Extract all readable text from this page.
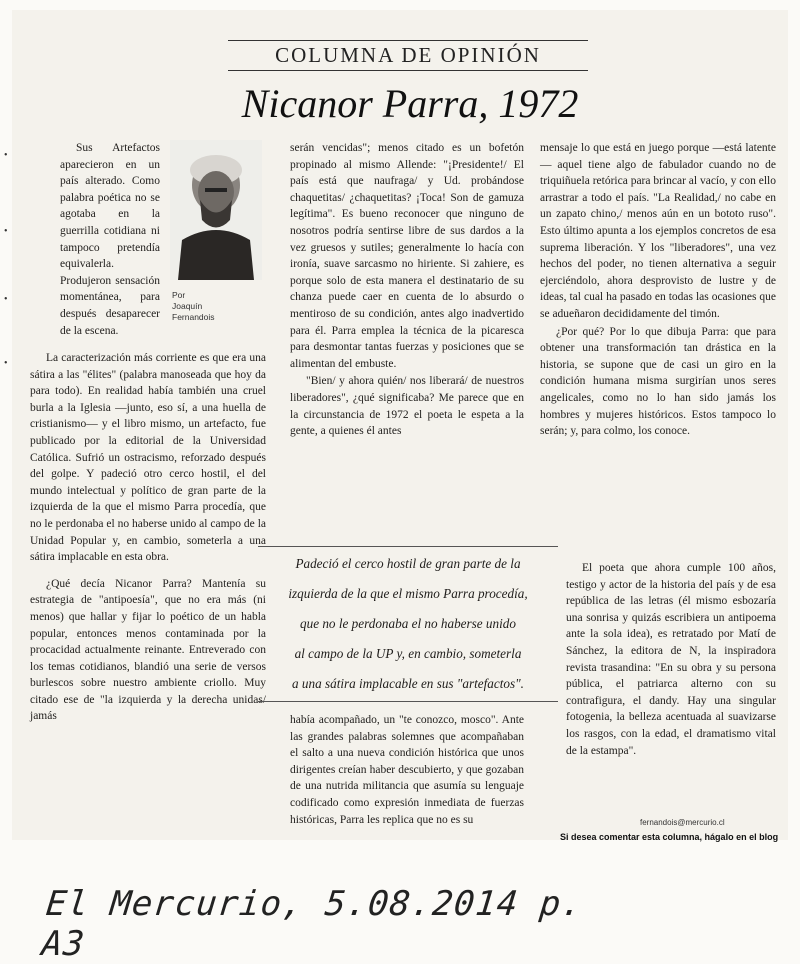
COLUMNA DE OPINIÓN
Nicanor Parra, 1972

Sus Artefactos aparecieron en un país alterado. Como palabra poética no se agotaba en la guerrilla cotidiana ni tampoco pretendía equivalerla. Produjeron sensación momentánea, para después desaparecer de la escena.

Por
Joaquín
Fernandois

La caracterización más corriente es que era una sátira a las "élites" (palabra manoseada que hoy da para todo). En realidad había también una cruel burla a la Iglesia —junto, eso sí, a una huella de cristianismo— y el libro mismo, un artefacto, fue publicado por la editorial de la Universidad Católica. Sufrió un ostracismo, reforzado después del golpe. Y padeció otro cerco hostil, el del mundo intelectual y político de gran parte de la izquierda de la que el mismo Parra procedía, que no le perdonaba el no haberse unido al campo de la Unidad Popular y, en cambio, someterla a una sátira implacable en esta obra.

¿Qué decía Nicanor Parra? Mantenía su estrategia de "antipoesía", que no era más (ni menos) que hallar y fijar lo poético de un habla popular, entonces menos contaminada por la procacidad actualmente reinante. Entreverado con los temas cotidianos, blandió una serie de versos burlescos sobre nuestro ambiente criollo. Muy citado ese de "la izquierda y la derecha unidas/ jamás

serán vencidas"; menos citado es un bofetón propinado al mismo Allende: "¡Presidente!/ El país está que naufraga/ y Ud. probándose chaquetitas/ ¿chaquetitas? ¡Toca! Son de gamuza legítima". Es bueno reconocer que ninguno de nosotros podría sentirse libre de sus dardos a la vez gruesos y sutiles; generalmente lo hacía con ironía, suave sarcasmo no hiriente. Si zahiere, es porque solo de esta manera el destinatario de su chanza puede caer en cuenta de lo absurdo o mentiroso de su condición, antes algo inadvertido para él. Parra emplea la técnica de la picaresca para desmontar tantas fuerzas y posiciones que se alimentan del embuste.

"Bien/ y ahora quién/ nos liberará/ de nuestros liberadores", ¿qué significaba? Me parece que en la circunstancia de 1972 el poeta le espeta a la gente, a quienes él antes

mensaje lo que está en juego porque —está latente— aquel tiene algo de fabulador cuando no de triquiñuela retórica para brincar al vacío, y con ello arrastrar a todo el país. "La Realidad,/ no cabe en un zapato chino,/ menos aún en un bototo ruso". Esto último apunta a los ejemplos concretos de esa suprema liberación. Y los "liberadores", una vez hechos del poder, no tienen alternativa a seguir ejerciéndolo, ahora desprovisto de lustre y de ideas, tal cual ha pasado en todas las ocasiones que se adueñaron decididamente del timón.

¿Por qué? Por lo que dibuja Parra: que para obtener una transformación tan drástica en la historia, se supone que de casi un giro en la condición humana misma surgirían unos seres angelicales, como no lo han sido jamás los hombres y mujeres históricos. Estos tampoco lo serán; y, para colmo, los conoce.

Padeció el cerco hostil de gran parte de la
izquierda de la que el mismo Parra procedía,
que no le perdonaba el no haberse unido
al campo de la UP y, en cambio, someterla
a una sátira implacable en sus "artefactos".

había acompañado, un "te conozco, mosco". Ante las grandes palabras solemnes que acompañaban el salto a una nueva condición histórica que unos dirigentes creían haber descubierto, y que gozaban de una nutrida militancia que asumía su lenguaje codificado como expresión inmediata de fuerzas históricas, Parra les replica que no es su

El poeta que ahora cumple 100 años, testigo y actor de la historia del país y de esa república de las letras (él mismo esbozaría una sonrisa y quizás escribiera un antipoema ante la sola idea), es retratado por Matí de Sánchez, la editora de N, la inspiradora revista trasandina: "En su obra y su persona pública, el patriarca alterno con su contrafigura, el dandy. Hay una singular fotogenia, la belleza acentuada al suavizarse los rasgos, con la edad, el dramatismo vital de la estampa".

fernandois@mercurio.cl
Si desea comentar esta columna, hágalo en el blog
El Mercurio, 5.08.2014 p. A3
•
•
•
•
